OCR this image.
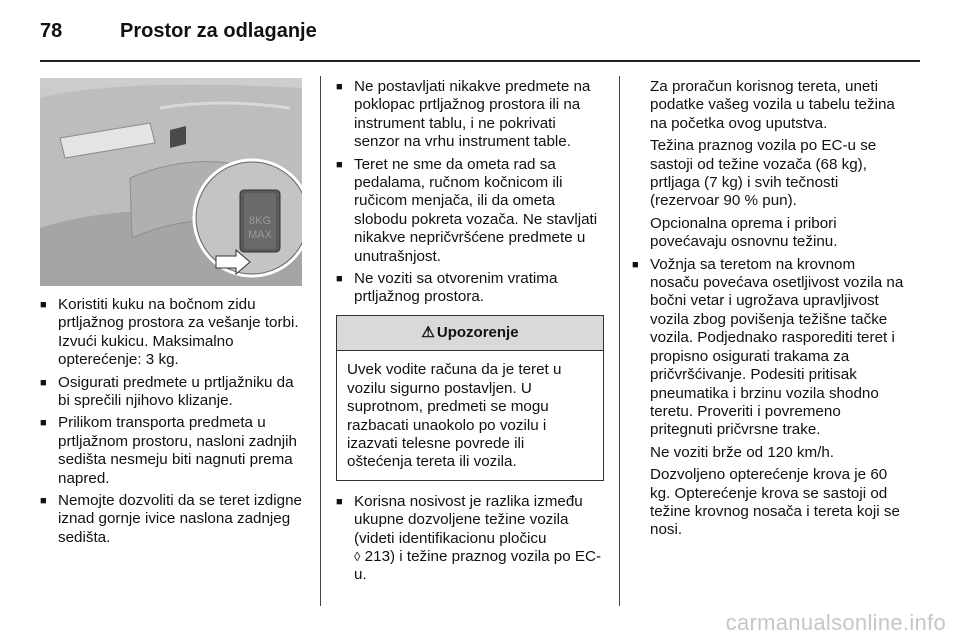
78	Prostor za odlaganje
8KG
MAX
■ Koristiti kuku na bočnom zidu prtljažnog prostora za vešanje torbi. Izvući kukicu. Maksimalno opterećenje: 3 kg.
■ Osigurati predmete u prtljažniku da bi sprečili njihovo klizanje.
■ Prilikom transporta predmeta u prtljažnom prostoru, nasloni zadnjih sedišta nesmeju biti nagnuti prema napred.
■ Nemojte dozvoliti da se teret izdigne iznad gornje ivice naslona zadnjeg sedišta.
■ Ne postavljati nikakve predmete na poklopac prtljažnog prostora ili na instrument tablu, i ne pokrivati senzor na vrhu instrument table.
■ Teret ne sme da ometa rad sa pedalama, ručnom kočnicom ili ručicom menjača, ili da ometa slobodu pokreta vozača. Ne stavljati nikakve nepričvršćene predmete u unutrašnjost.
■ Ne voziti sa otvorenim vratima prtljažnog prostora.
⚠ Upozorenje
Uvek vodite računa da je teret u vozilu sigurno postavljen. U suprotnom, predmeti se mogu razbacati unaokolo po vozilu i izazvati telesne povrede ili oštećenja tereta ili vozila.
■ Korisna nosivost je razlika između ukupne dozvoljene težine vozila (videti identifikacionu pločicu
◊ 213) i težine praznog vozila po EC-u.

Za proračun korisnog tereta, uneti podatke vašeg vozila u tabelu težina na početka ovog uputstva.

Težina praznog vozila po EC-u se sastoji od težine vozača (68 kg), prtljaga (7 kg) i svih tečnosti (rezervoar 90 % pun).

Opcionalna oprema i pribori povećavaju osnovnu težinu.

■ Vožnja sa teretom na krovnom nosaču povećava osetljivost vozila na bočni vetar i ugrožava upravljivost vozila zbog povišenja težišne tačke vozila. Podjednako rasporediti teret i propisno osigurati trakama za pričvršćivanje. Podesiti pritisak pneumatika i brzinu vozila shodno teretu. Proveriti i povremeno pritegnuti pričvrsne trake.

Ne voziti brže od 120 km/h.

Dozvoljeno opterećenje krova je 60 kg. Opterećenje krova se sastoji od težine krovnog nosača i tereta koji se nosi.

carmanualsonline.info
